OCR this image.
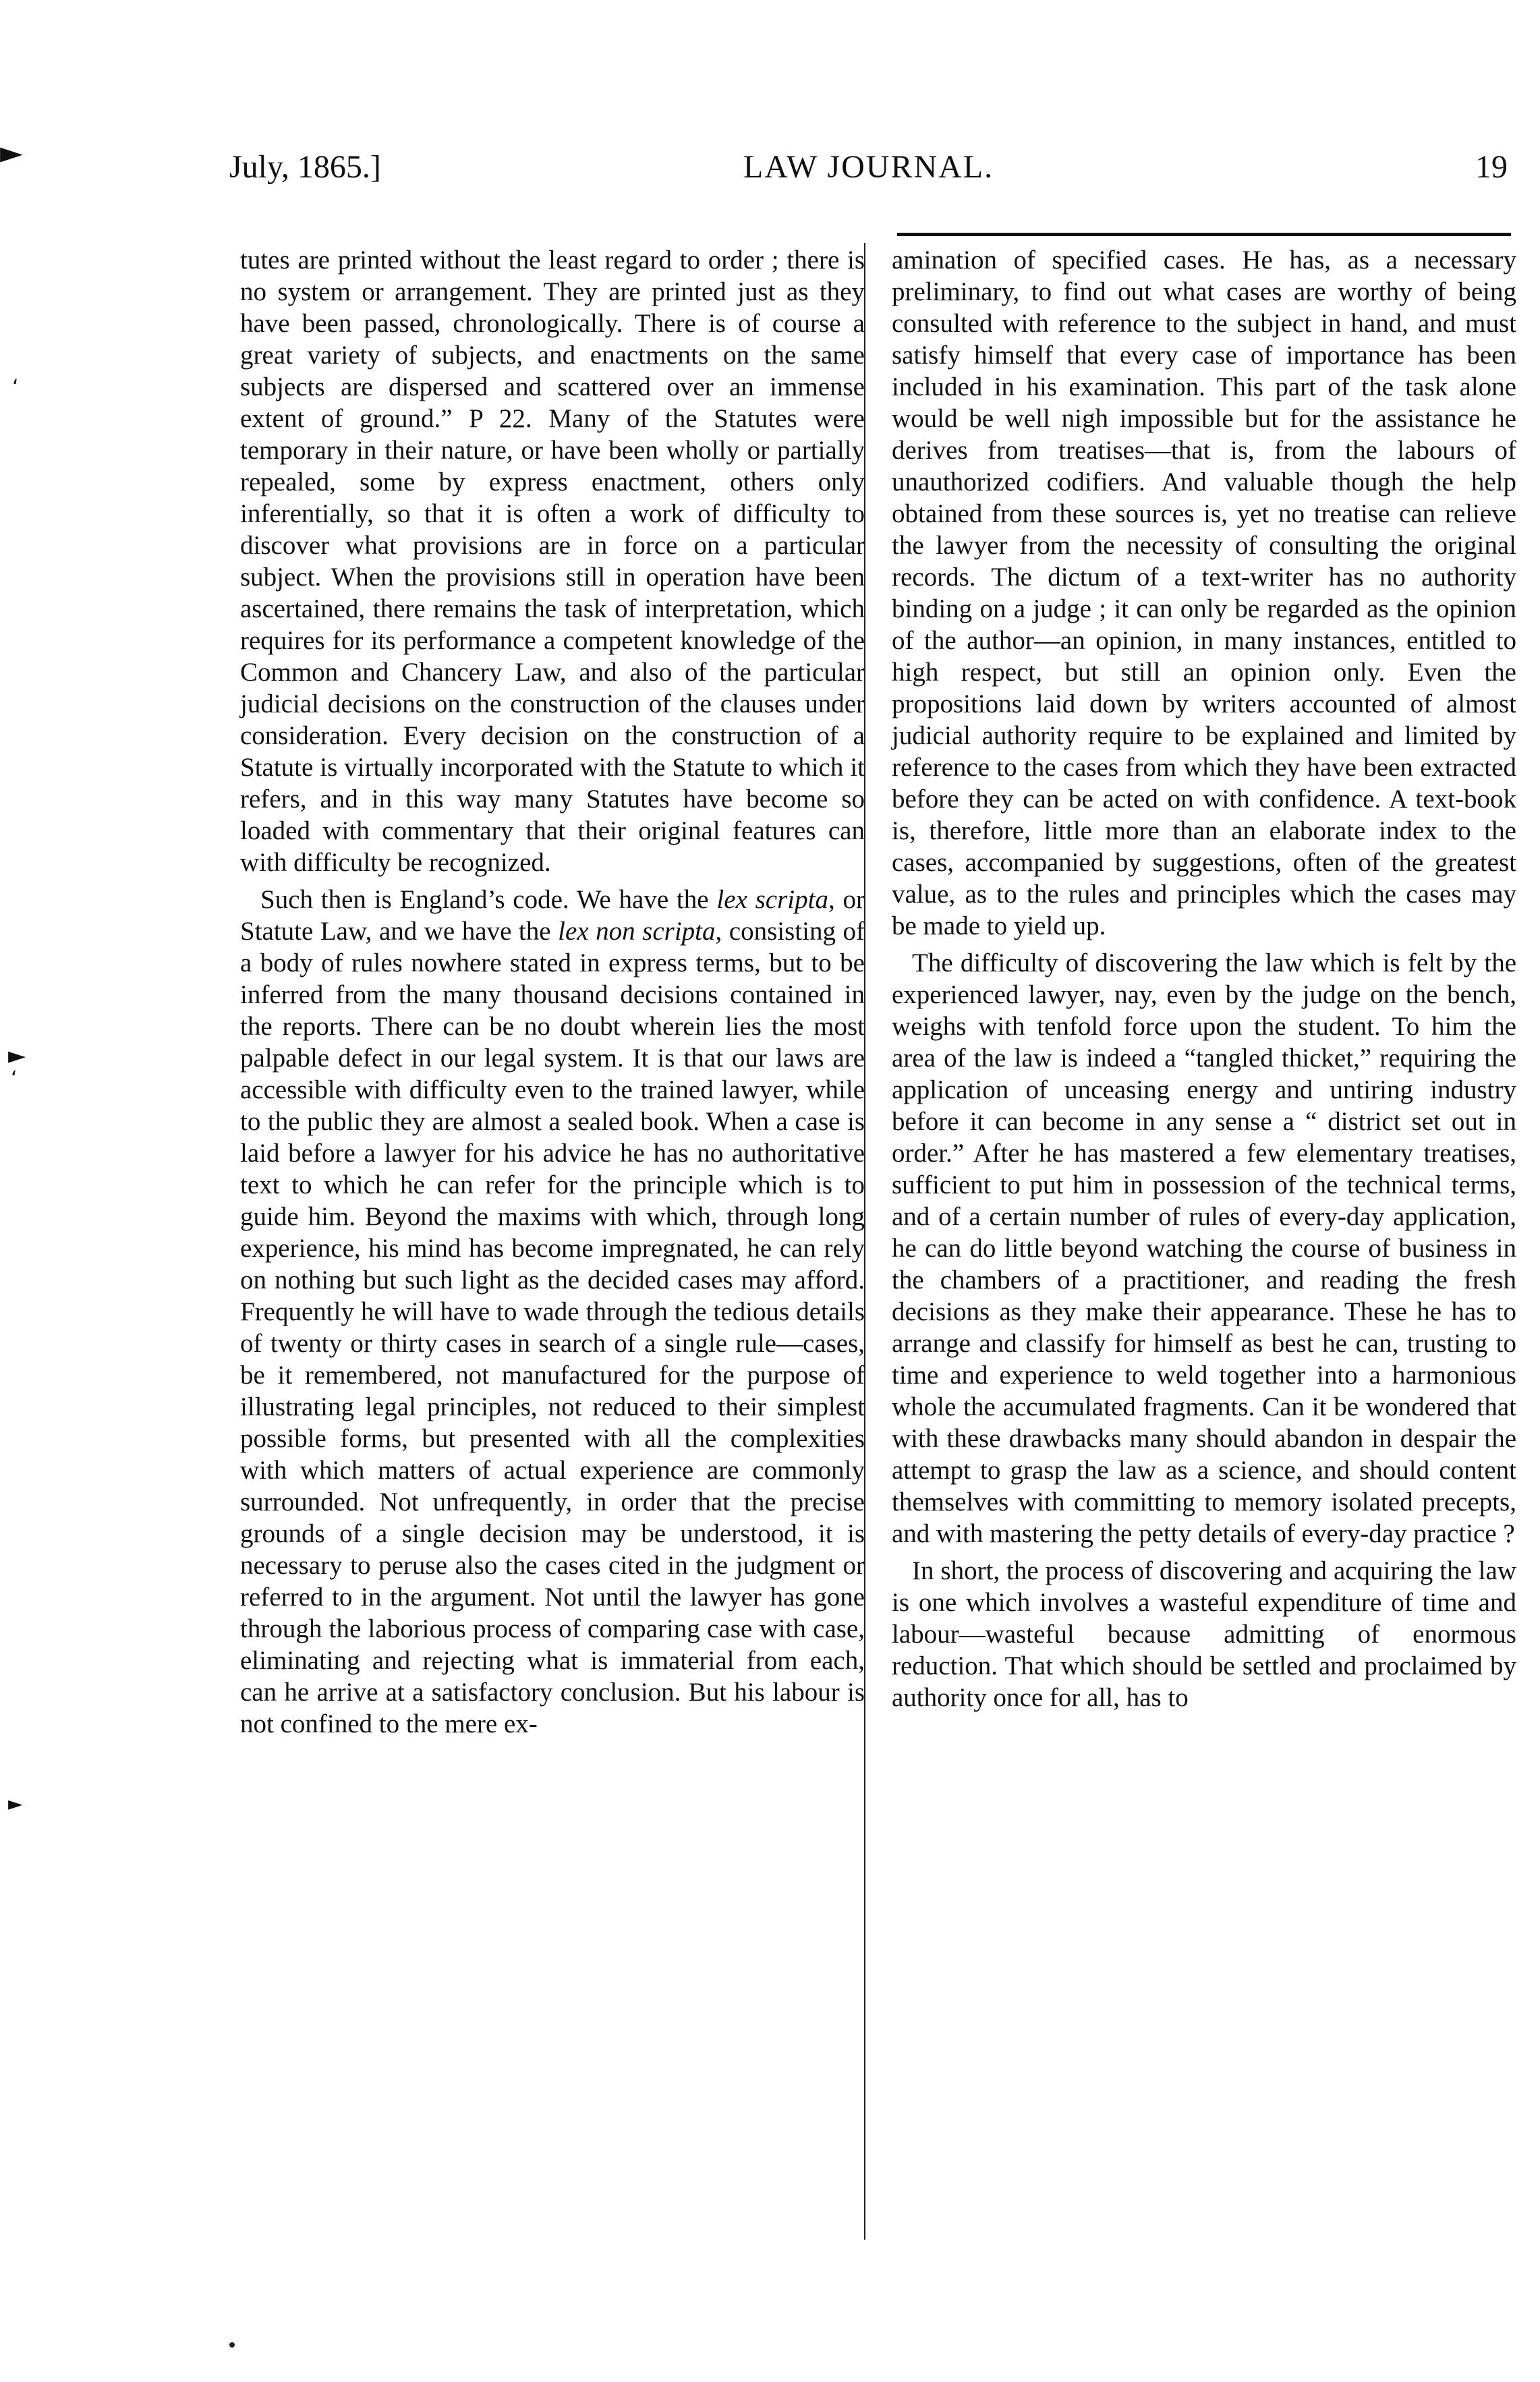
►
‘
►
‘
►
July, 1865.]	LAW JOURNAL.	19

tutes are printed without the least regard to order ; there is no system or arrangement. They are printed just as they have been passed, chronologically. There is of course a great variety of subjects, and enactments on the same subjects are dispersed and scattered over an immense extent of ground.” P 22. Many of the Statutes were temporary in their nature, or have been wholly or partially repealed, some by express enactment, others only inferentially, so that it is often a work of difficulty to discover what provisions are in force on a particular subject. When the provisions still in operation have been ascertained, there remains the task of interpretation, which requires for its performance a competent knowledge of the Common and Chancery Law, and also of the particular judicial decisions on the construction of the clauses under consideration. Every decision on the construction of a Statute is virtually incorporated with the Statute to which it refers, and in this way many Statutes have become so loaded with commentary that their original features can with difficulty be recognized.

Such then is England’s code. We have the lex scripta, or Statute Law, and we have the lex non scripta, consisting of a body of rules nowhere stated in express terms, but to be inferred from the many thousand decisions contained in the reports. There can be no doubt wherein lies the most palpable defect in our legal system. It is that our laws are accessible with difficulty even to the trained lawyer, while to the public they are almost a sealed book. When a case is laid before a lawyer for his advice he has no authoritative text to which he can refer for the principle which is to guide him. Beyond the maxims with which, through long experience, his mind has become impregnated, he can rely on nothing but such light as the decided cases may afford. Frequently he will have to wade through the tedious details of twenty or thirty cases in search of a single rule—cases, be it remembered, not manufactured for the purpose of illustrating legal principles, not reduced to their simplest possible forms, but presented with all the complexities with which matters of actual experience are commonly surrounded. Not unfrequently, in order that the precise grounds of a single decision may be understood, it is necessary to peruse also the cases cited in the judgment or referred to in the argument. Not until the lawyer has gone through the laborious process of comparing case with case, eliminating and rejecting what is immaterial from each, can he arrive at a satisfactory conclusion. But his labour is not confined to the mere ex-

amination of specified cases. He has, as a necessary preliminary, to find out what cases are worthy of being consulted with reference to the subject in hand, and must satisfy himself that every case of importance has been included in his examination. This part of the task alone would be well nigh impossible but for the assistance he derives from treatises—that is, from the labours of unauthorized codifiers. And valuable though the help obtained from these sources is, yet no treatise can relieve the lawyer from the necessity of consulting the original records. The dictum of a text-writer has no authority binding on a judge ; it can only be regarded as the opinion of the author—an opinion, in many instances, entitled to high respect, but still an opinion only. Even the propositions laid down by writers accounted of almost judicial authority require to be explained and limited by reference to the cases from which they have been extracted before they can be acted on with confidence. A text-book is, therefore, little more than an elaborate index to the cases, accompanied by suggestions, often of the greatest value, as to the rules and principles which the cases may be made to yield up.

The difficulty of discovering the law which is felt by the experienced lawyer, nay, even by the judge on the bench, weighs with tenfold force upon the student. To him the area of the law is indeed a “tangled thicket,” requiring the application of unceasing energy and untiring industry before it can become in any sense a “ district set out in order.” After he has mastered a few elementary treatises, sufficient to put him in possession of the technical terms, and of a certain number of rules of every-day application, he can do little beyond watching the course of business in the chambers of a practitioner, and reading the fresh decisions as they make their appearance. These he has to arrange and classify for himself as best he can, trusting to time and experience to weld together into a harmonious whole the accumulated fragments. Can it be wondered that with these drawbacks many should abandon in despair the attempt to grasp the law as a science, and should content themselves with committing to memory isolated precepts, and with mastering the petty details of every-day practice ?

In short, the process of discovering and acquiring the law is one which involves a wasteful expenditure of time and labour—wasteful because admitting of enormous reduction. That which should be settled and proclaimed by authority once for all, has to
